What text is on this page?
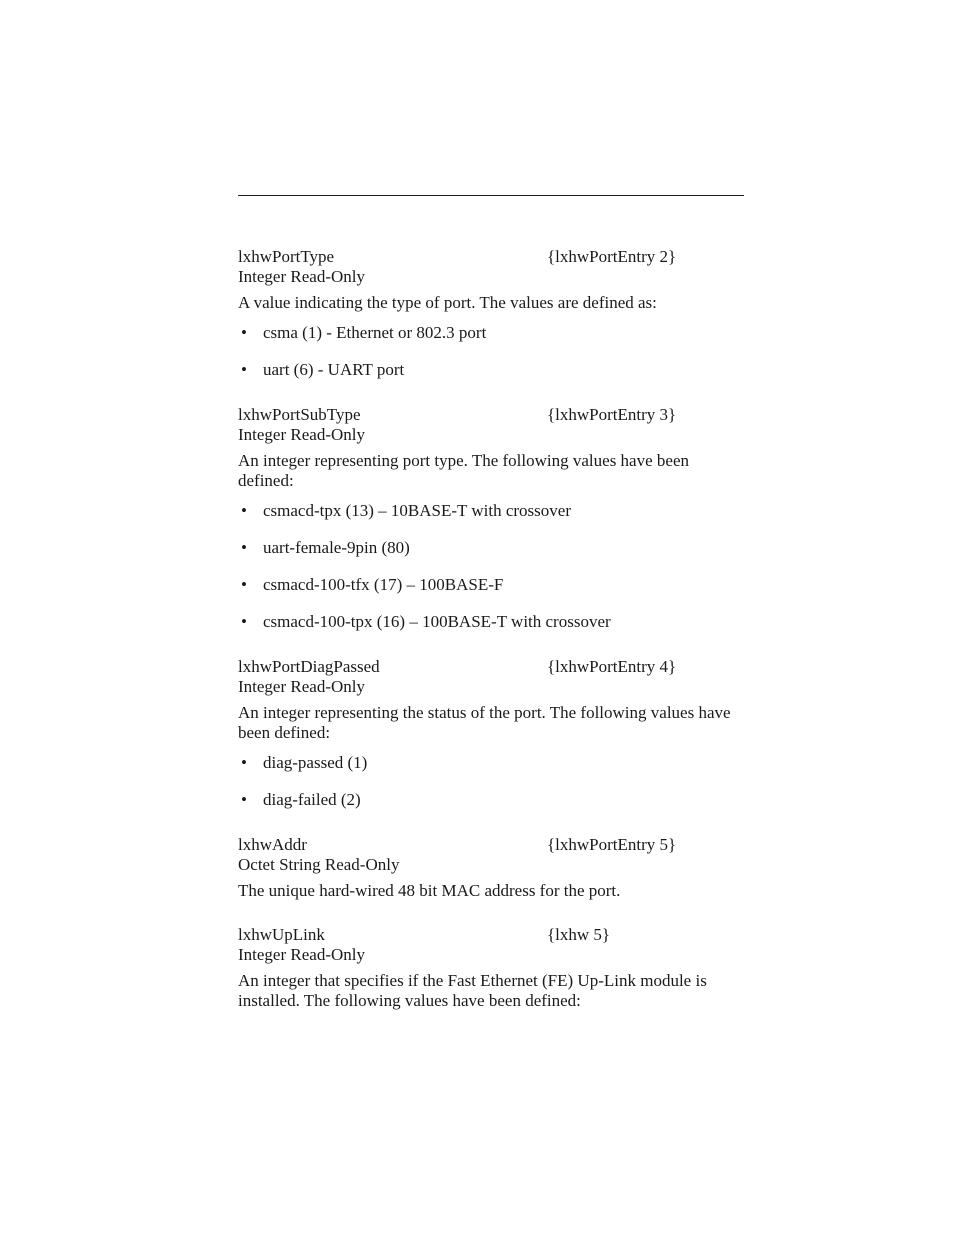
lxhwPortType	{lxhwPortEntry 2}
Integer Read-Only
A value indicating the type of port. The values are defined as:
• csma (1) - Ethernet or 802.3 port
• uart (6) - UART port
lxhwPortSubType	{lxhwPortEntry 3}
Integer Read-Only
An integer representing port type. The following values have been defined:
• csmacd-tpx (13) – 10BASE-T with crossover
• uart-female-9pin (80)
• csmacd-100-tfx (17) – 100BASE-F
• csmacd-100-tpx (16) – 100BASE-T with crossover
lxhwPortDiagPassed	{lxhwPortEntry 4}
Integer Read-Only
An integer representing the status of the port. The following values have been defined:
• diag-passed (1)
• diag-failed (2)
lxhwAddr	{lxhwPortEntry 5}
Octet String Read-Only
The unique hard-wired 48 bit MAC address for the port.
lxhwUpLink	{lxhw 5}
Integer Read-Only
An integer that specifies if the Fast Ethernet (FE) Up-Link module is installed. The following values have been defined:
